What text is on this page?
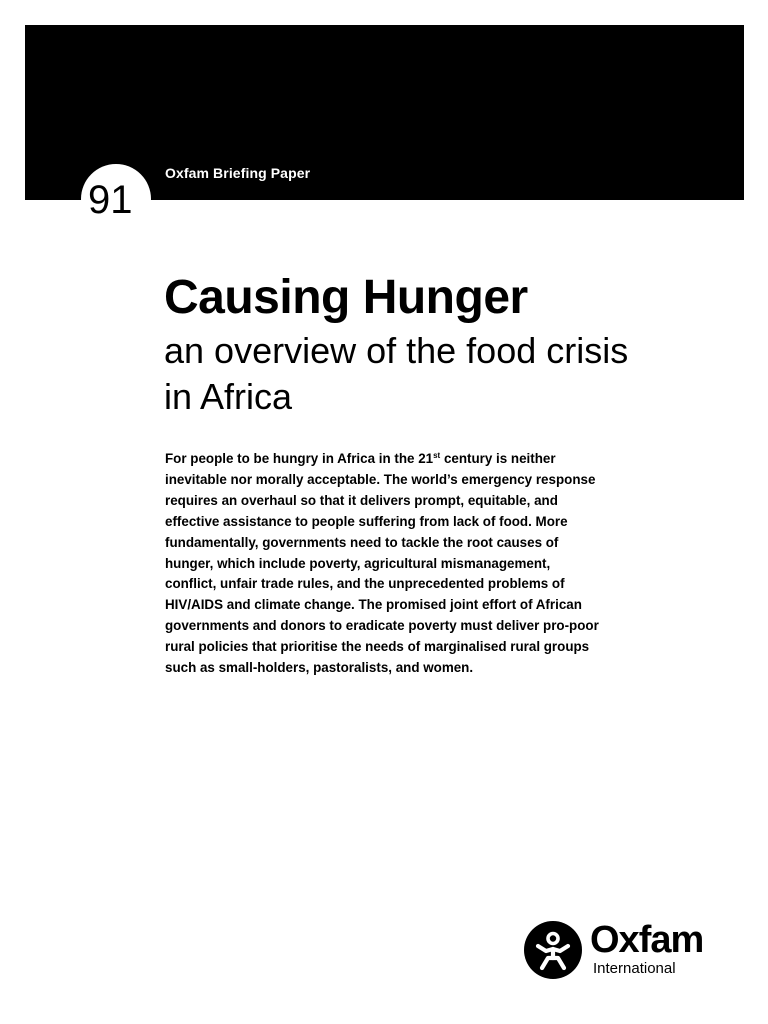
Oxfam Briefing Paper
91
Causing Hunger
an overview of the food crisis in Africa

For people to be hungry in Africa in the 21st century is neither inevitable nor morally acceptable. The world’s emergency response requires an overhaul so that it delivers prompt, equitable, and effective assistance to people suffering from lack of food. More fundamentally, governments need to tackle the root causes of hunger, which include poverty, agricultural mismanagement, conflict, unfair trade rules, and the unprecedented problems of HIV/AIDS and climate change. The promised joint effort of African governments and donors to eradicate poverty must deliver pro-poor rural policies that prioritise the needs of marginalised rural groups such as small-holders, pastoralists, and women.

Oxfam
International
